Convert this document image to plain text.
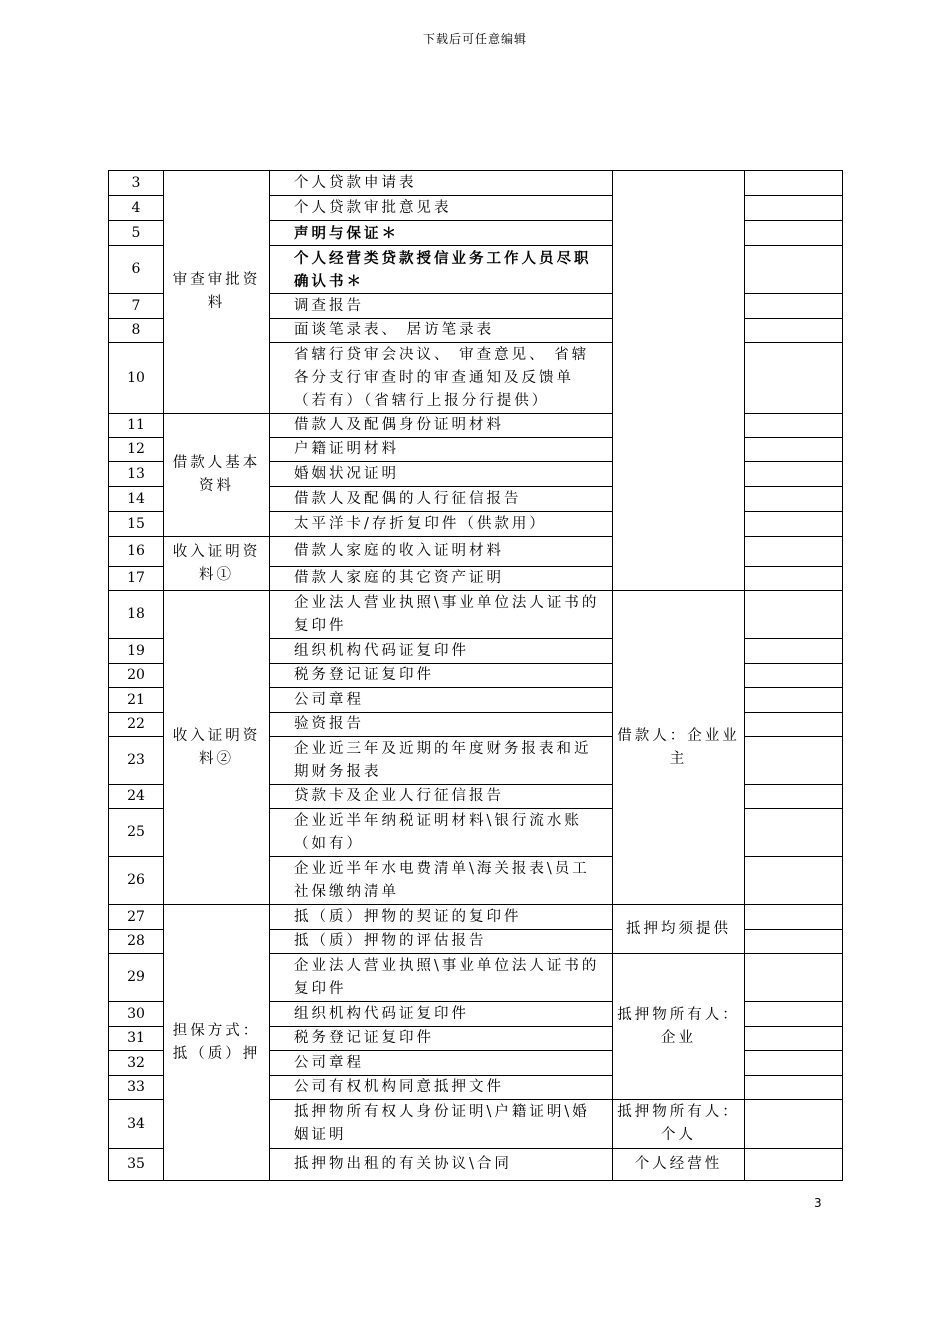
下载后可任意编辑
3	审查审批资料	个人贷款申请表		
4		个人贷款审批意见表		
5		声明与保证＊		
6		个人经营类贷款授信业务工作人员尽职确认书＊		
7		调查报告		
8		面谈笔录表、 居访笔录表		
10		省辖行贷审会决议、 审查意见、 省辖各分支行审查时的审查通知及反馈单（若有）（省辖行上报分行提供）		
11	借款人基本资料	借款人及配偶身份证明材料		
12		户籍证明材料		
13		婚姻状况证明		
14		借款人及配偶的人行征信报告		
15		太平洋卡/存折复印件（供款用）		
16	收入证明资料①	借款人家庭的收入证明材料		
17		借款人家庭的其它资产证明		
18	收入证明资料②	企业法人营业执照\事业单位法人证书的复印件	借款人：企业业主	
19		组织机构代码证复印件		
20		税务登记证复印件		
21		公司章程		
22		验资报告		
23		企业近三年及近期的年度财务报表和近期财务报表		
24		贷款卡及企业人行征信报告		
25		企业近半年纳税证明材料\银行流水账（如有）		
26		企业近半年水电费清单\海关报表\员工社保缴纳清单		
27	担保方式：抵（质）押	抵（质）押物的契证的复印件	抵押均须提供	
28		抵（质）押物的评估报告		
29		企业法人营业执照\事业单位法人证书的复印件	抵押物所有人：企业	
30		组织机构代码证复印件		
31		税务登记证复印件		
32		公司章程		
33		公司有权机构同意抵押文件		
34		抵押物所有权人身份证明\户籍证明\婚姻证明	抵押物所有人：个人	
35		抵押物出租的有关协议\合同	个人经营性	
3
